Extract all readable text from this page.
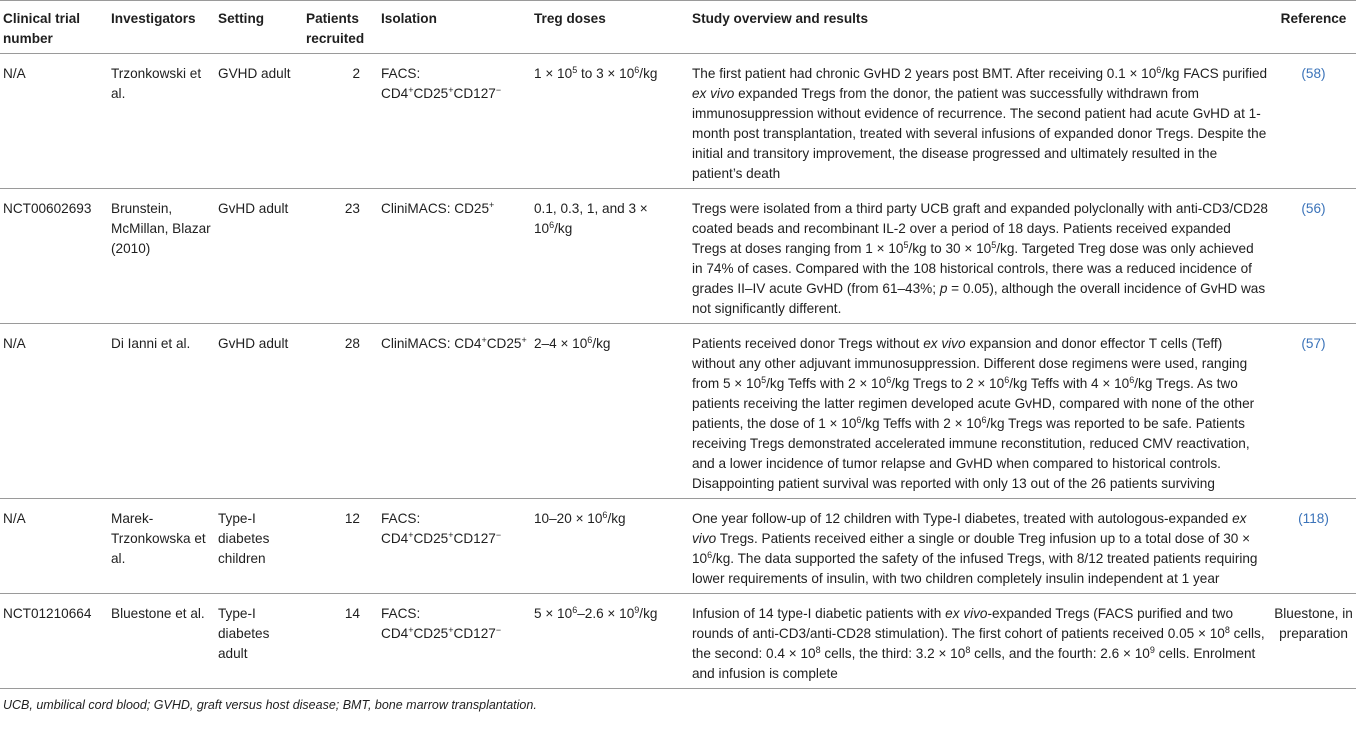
Clinical trial number	Investigators	Setting	Patients recruited	Isolation	Treg doses	Study overview and results	Reference
N/A	Trzonkowski et al.	GVHD adult	2	FACS: CD4+CD25+CD127−	$1 \times 10^5$ to $3 \times 10^6/kg$	The first patient had chronic GvHD 2 years post BMT. After receiving $0.1 \times 10^6/kg$ FACS purified ex vivo expanded Tregs from the donor, the patient was successfully withdrawn from immunosuppression without evidence of recurrence. The second patient had acute GvHD at 1-month post transplantation, treated with several infusions of expanded donor Tregs. Despite the initial and transitory improvement, the disease progressed and ultimately resulted in the patient’s death	(58)
NCT00602693	Brunstein, McMillan, Blazar (2010)	GvHD adult	23	CliniMACS: CD25+	0.1, 0.3, 1, and $3 \times 10^6/kg$	Tregs were isolated from a third party UCB graft and expanded polyclonally with anti-CD3/CD28 coated beads and recombinant IL-2 over a period of 18 days. Patients received expanded Tregs at doses ranging from $1 \times 10^5/kg$ to $30 \times 10^5/kg$. Targeted Treg dose was only achieved in 74% of cases. Compared with the 108 historical controls, there was a reduced incidence of grades II–IV acute GvHD (from 61–43%; p = 0.05), although the overall incidence of GvHD was not significantly different.	(56)
N/A	Di Ianni et al.	GvHD adult	28	CliniMACS: CD4+CD25+	$2-4 \times 10^6/kg$	Patients received donor Tregs without ex vivo expansion and donor effector T cells (Teff) without any other adjuvant immunosuppression. Different dose regimens were used, ranging from $5 \times 10^5/kg$ Teffs with $2 \times 10^6/kg$ Tregs to $2 \times 10^6/kg$ Teffs with $4 \times 10^6/kg$ Tregs. As two patients receiving the latter regimen developed acute GvHD, compared with none of the other patients, the dose of $1 \times 10^6/kg$ Teffs with $2 \times 10^6/kg$ Tregs was reported to be safe. Patients receiving Tregs demonstrated accelerated immune reconstitution, reduced CMV reactivation, and a lower incidence of tumor relapse and GvHD when compared to historical controls. Disappointing patient survival was reported with only 13 out of the 26 patients surviving	(57)
N/A	Marek-Trzonkowska et al.	Type-I diabetes children	12	FACS: CD4+CD25+CD127−	$10-20 \times 10^6/kg$	One year follow-up of 12 children with Type-I diabetes, treated with autologous-expanded ex vivo Tregs. Patients received either a single or double Treg infusion up to a total dose of $30 \times 10^6/kg$. The data supported the safety of the infused Tregs, with 8/12 treated patients requiring lower requirements of insulin, with two children completely insulin independent at 1 year	(118)
NCT01210664	Bluestone et al.	Type-I diabetes adult	14	FACS: CD4+CD25+CD127−	$5 \times 10^6-2.6 \times 10^9/kg$	Infusion of 14 type-I diabetic patients with ex vivo-expanded Tregs (FACS purified and two rounds of anti-CD3/anti-CD28 stimulation). The first cohort of patients received $0.05 \times 10^8$ cells, the second: $0.4 \times 10^8$ cells, the third: $3.2 \times 10^8$ cells, and the fourth: $2.6 \times 10^9$ cells. Enrolment and infusion is complete	Bluestone, in preparation
UCB, umbilical cord blood; GVHD, graft versus host disease; BMT, bone marrow transplantation.
